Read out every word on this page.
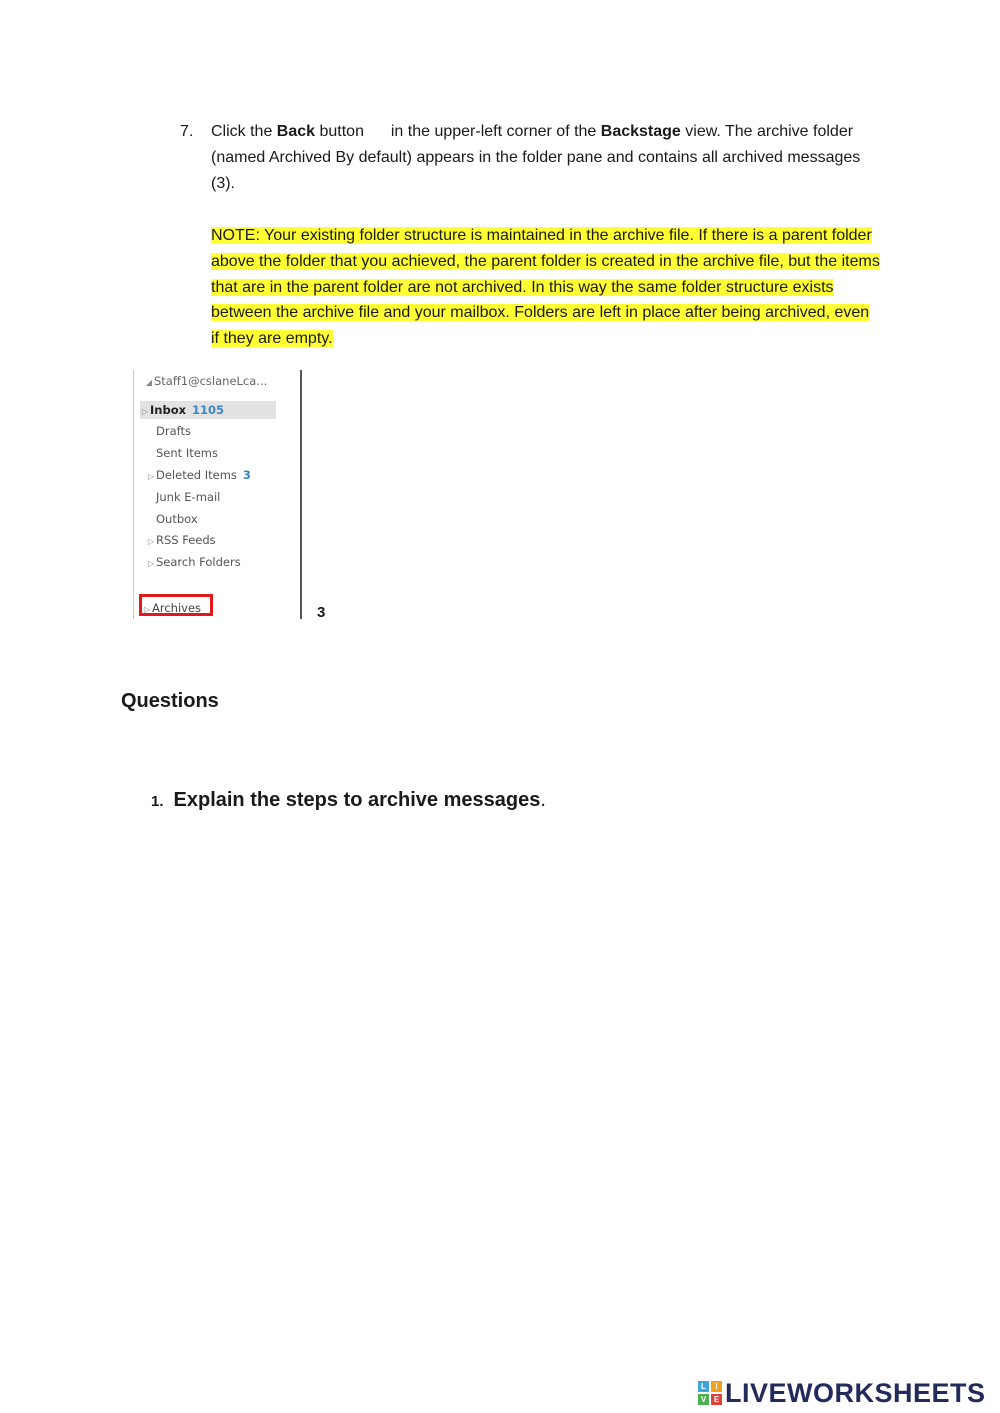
7. Click the Back button  in the upper-left corner of the Backstage view. The archive folder (named Archived By default) appears in the folder pane and contains all archived messages (3).
NOTE: Your existing folder structure is maintained in the archive file. If there is a parent folder above the folder that you achieved, the parent folder is created in the archive file, but the items that are in the parent folder are not archived. In this way the same folder structure exists between the archive file and your mailbox. Folders are left in place after being archived, even if they are empty.
◢ Staff1@cslaneLca...
▷ Inbox 1105
Drafts
Sent Items
▷ Deleted Items 3
Junk E-mail
Outbox
▷ RSS Feeds
▷ Search Folders
▷ Archives	3
Questions
1. Explain the steps to archive messages.
L	I
V E LIVEWORKSHEETS
